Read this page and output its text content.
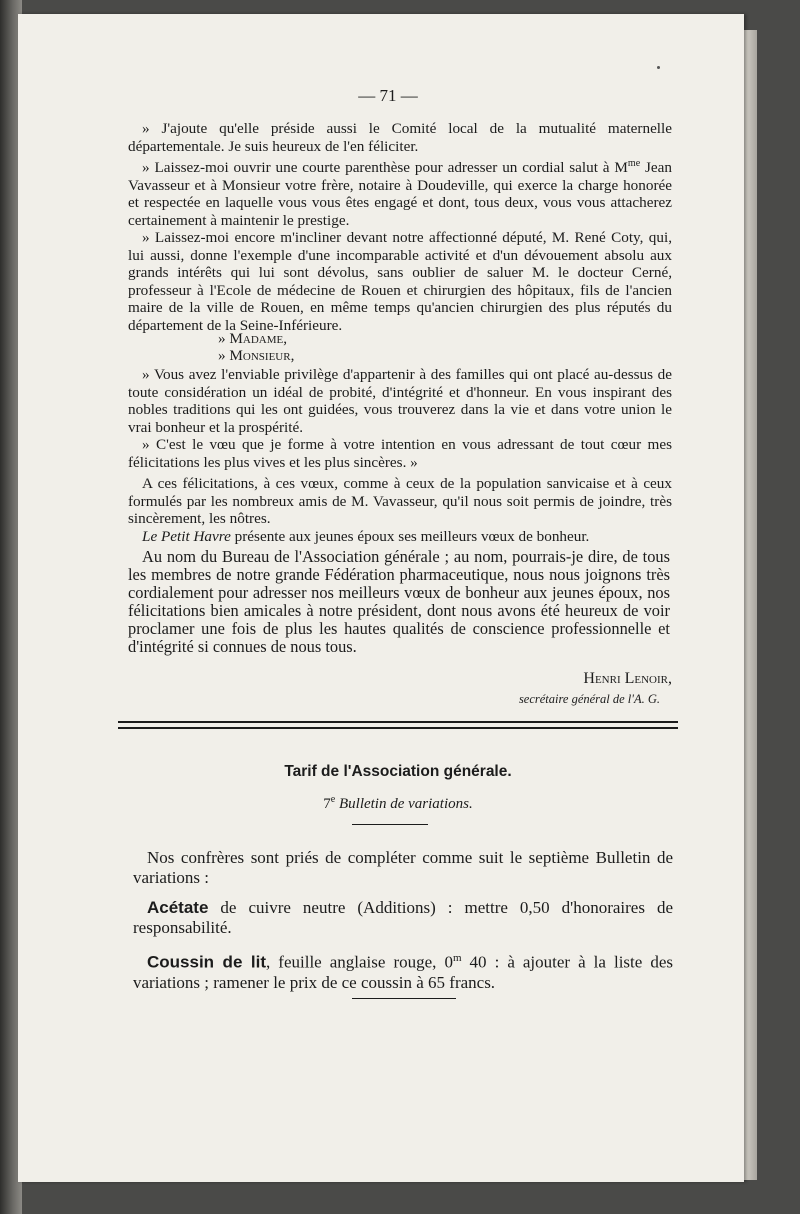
— 71 —

» J'ajoute qu'elle préside aussi le Comité local de la mutualité maternelle départementale. Je suis heureux de l'en féliciter.

» Laissez-moi ouvrir une courte parenthèse pour adresser un cordial salut à $M^{me}$ Jean Vavasseur et à Monsieur votre frère, notaire à Doudeville, qui exerce la charge honorée et respectée en laquelle vous vous êtes engagé et dont, tous deux, vous vous attacherez certainement à maintenir le prestige.

» Laissez-moi encore m'incliner devant notre affectionné député, M. René Coty, qui, lui aussi, donne l'exemple d'une incomparable activité et d'un dévouement absolu aux grands intérêts qui lui sont dévolus, sans oublier de saluer M. le docteur Cerné, professeur à l'Ecole de médecine de Rouen et chirurgien des hôpitaux, fils de l'ancien maire de la ville de Rouen, en même temps qu'ancien chirurgien des plus réputés du département de la Seine-Inférieure.

» Madame,
» Monsieur,

» Vous avez l'enviable privilège d'appartenir à des familles qui ont placé au-dessus de toute considération un idéal de probité, d'intégrité et d'honneur. En vous inspirant des nobles traditions qui les ont guidées, vous trouverez dans la vie et dans votre union le vrai bonheur et la prospérité.

» C'est le vœu que je forme à votre intention en vous adressant de tout cœur mes félicitations les plus vives et les plus sincères. »

A ces félicitations, à ces vœux, comme à ceux de la population sanvicaise et à ceux formulés par les nombreux amis de M. Vavasseur, qu'il nous soit permis de joindre, très sincèrement, les nôtres.

Le Petit Havre présente aux jeunes époux ses meilleurs vœux de bonheur.

Au nom du Bureau de l'Association générale ; au nom, pourrais-je dire, de tous les membres de notre grande Fédération pharmaceutique, nous nous joignons très cordialement pour adresser nos meilleurs vœux de bonheur aux jeunes époux, nos félicitations bien amicales à notre président, dont nous avons été heureux de voir proclamer une fois de plus les hautes qualités de conscience professionnelle et d'intégrité si connues de nous tous.

Henri Lenoir,
secrétaire général de l'A. G.
Tarif de l'Association générale.
7e Bulletin de variations.

Nos confrères sont priés de compléter comme suit le septième Bulletin de variations :

Acétate de cuivre neutre (Additions) : mettre 0,50 d'honoraires de responsabilité.

Coussin de lit, feuille anglaise rouge, 0$^m$ 40 : à ajouter à la liste des variations ; ramener le prix de ce coussin à 65 francs.
